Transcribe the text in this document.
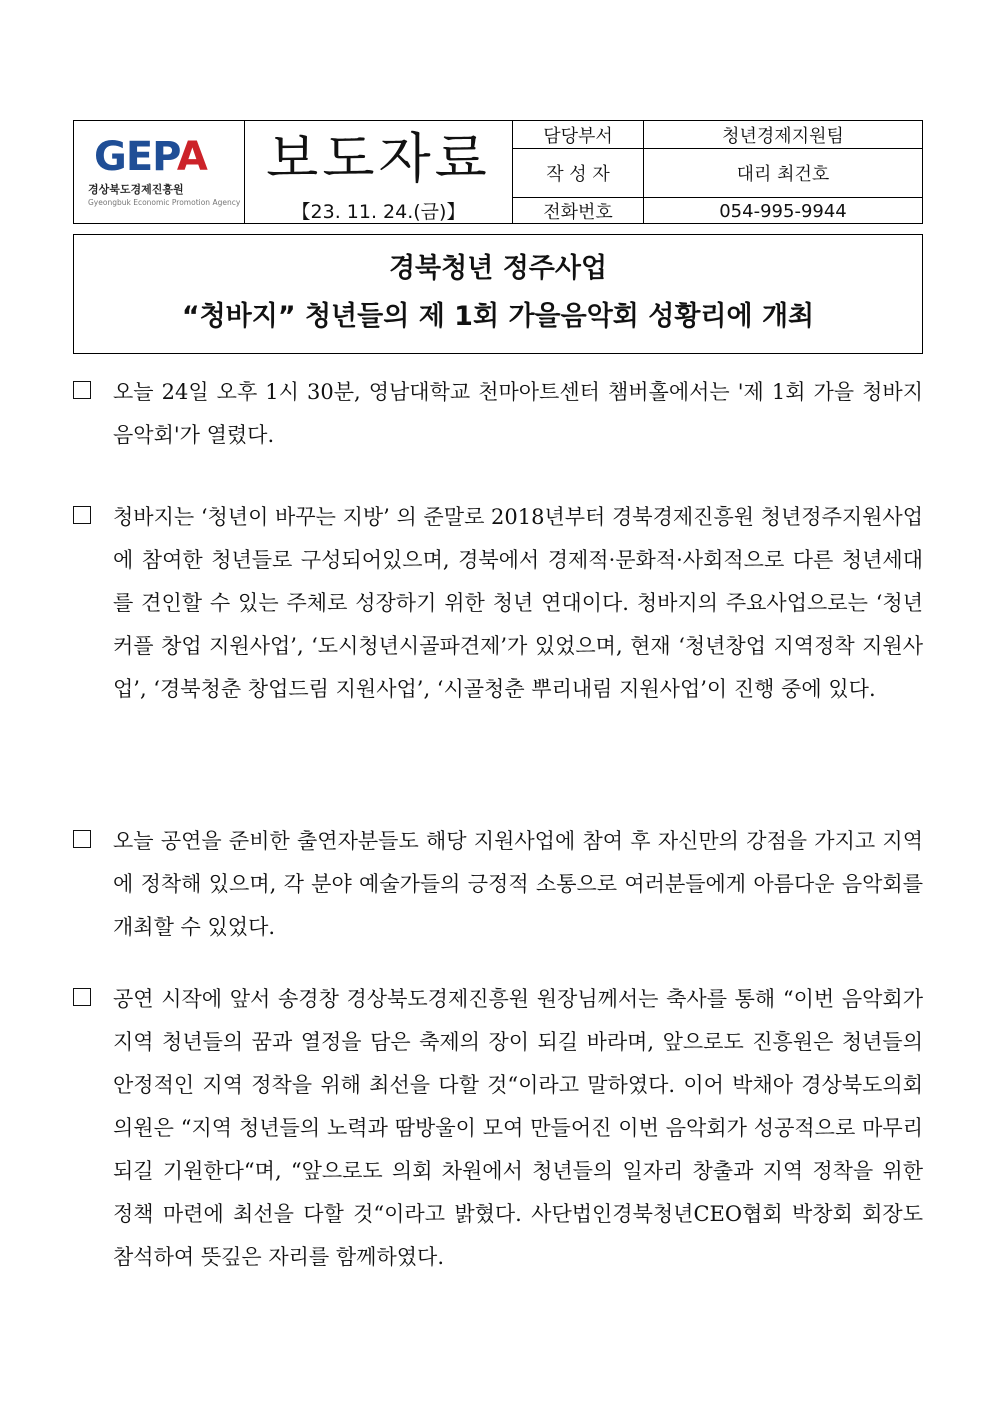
GEPA
경상북도경제진흥원
Gyeongbuk Economic Promotion Agency
보도자료
【23. 11. 24.(금)】
담당부서	청년경제지원팀
작 성 자	대리 최건호
전화번호	054-995-9944
경북청년 정주사업
“청바지” 청년들의 제 1회 가을음악회 성황리에 개최
오늘 24일 오후 1시 30분, 영남대학교 천마아트센터 챔버홀에서는 '제 1회 가을 청바지 음악회'가 열렸다.
청바지는 ‘청년이 바꾸는 지방’ 의 준말로 2018년부터 경북경제진흥원 청년정주지원사업에 참여한 청년들로 구성되어있으며, 경북에서 경제적·문화적·사회적으로 다른 청년세대를 견인할 수 있는 주체로 성장하기 위한 청년 연대이다. 청바지의 주요사업으로는 ‘청년커플 창업 지원사업’, ‘도시청년시골파견제’가 있었으며, 현재 ‘청년창업 지역정착 지원사업’, ‘경북청춘 창업드림 지원사업’, ‘시골청춘 뿌리내림 지원사업’이 진행 중에 있다.
오늘 공연을 준비한 출연자분들도 해당 지원사업에 참여 후 자신만의 강점을 가지고 지역에 정착해 있으며, 각 분야 예술가들의 긍정적 소통으로 여러분들에게 아름다운 음악회를 개최할 수 있었다.
공연 시작에 앞서 송경창 경상북도경제진흥원 원장님께서는 축사를 통해 “이번 음악회가 지역 청년들의 꿈과 열정을 담은 축제의 장이 되길 바라며, 앞으로도 진흥원은 청년들의 안정적인 지역 정착을 위해 최선을 다할 것“이라고 말하였다. 이어 박채아 경상북도의회 의원은 “지역 청년들의 노력과 땀방울이 모여 만들어진 이번 음악회가 성공적으로 마무리되길 기원한다“며, “앞으로도 의회 차원에서 청년들의 일자리 창출과 지역 정착을 위한 정책 마련에 최선을 다할 것“이라고 밝혔다. 사단법인경북청년CEO협회 박창회 회장도 참석하여 뜻깊은 자리를 함께하였다.
